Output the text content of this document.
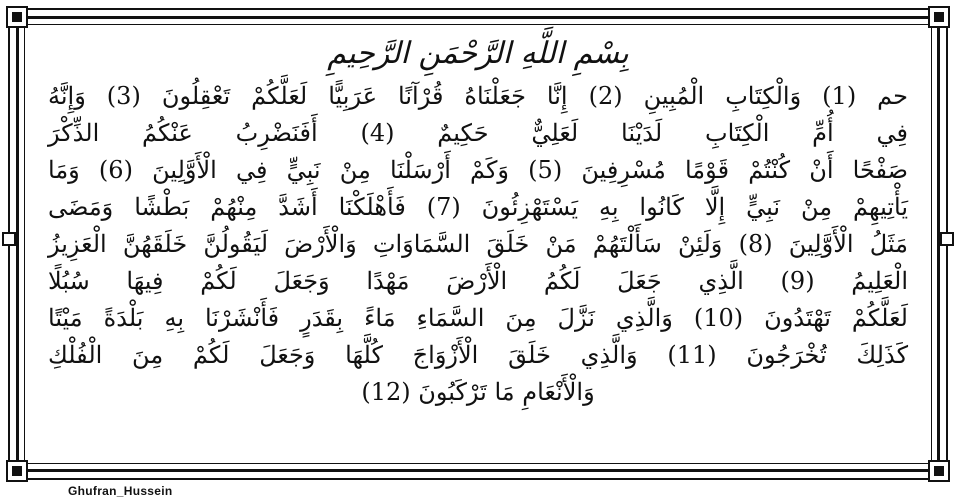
بِسْمِ اللَّهِ الرَّحْمَنِ الرَّحِيمِ

حم (1) وَالْكِتَابِ الْمُبِينِ (2) إِنَّا جَعَلْنَاهُ قُرْآنًا عَرَبِيًّا لَعَلَّكُمْ تَعْقِلُونَ (3) وَإِنَّهُ

فِي أُمِّ الْكِتَابِ لَدَيْنَا لَعَلِيٌّ حَكِيمٌ (4) أَفَنَضْرِبُ عَنْكُمُ الذِّكْرَ

صَفْحًا أَنْ كُنْتُمْ قَوْمًا مُسْرِفِينَ (5) وَكَمْ أَرْسَلْنَا مِنْ نَبِيٍّ فِي الْأَوَّلِينَ (6) وَمَا

يَأْتِيهِمْ مِنْ نَبِيٍّ إِلَّا كَانُوا بِهِ يَسْتَهْزِئُونَ (7) فَأَهْلَكْنَا أَشَدَّ مِنْهُمْ بَطْشًا وَمَضَى

مَثَلُ الْأَوَّلِينَ (8) وَلَئِنْ سَأَلْتَهُمْ مَنْ خَلَقَ السَّمَاوَاتِ وَالْأَرْضَ لَيَقُولُنَّ خَلَقَهُنَّ الْعَزِيزُ

الْعَلِيمُ (9) الَّذِي جَعَلَ لَكُمُ الْأَرْضَ مَهْدًا وَجَعَلَ لَكُمْ فِيهَا سُبُلًا

لَعَلَّكُمْ تَهْتَدُونَ (10) وَالَّذِي نَزَّلَ مِنَ السَّمَاءِ مَاءً بِقَدَرٍ فَأَنْشَرْنَا بِهِ بَلْدَةً مَيْتًا

كَذَلِكَ تُخْرَجُونَ (11) وَالَّذِي خَلَقَ الْأَزْوَاجَ كُلَّهَا وَجَعَلَ لَكُمْ مِنَ الْفُلْكِ

وَالْأَنْعَامِ مَا تَرْكَبُونَ (12)

Ghufran_Hussein
